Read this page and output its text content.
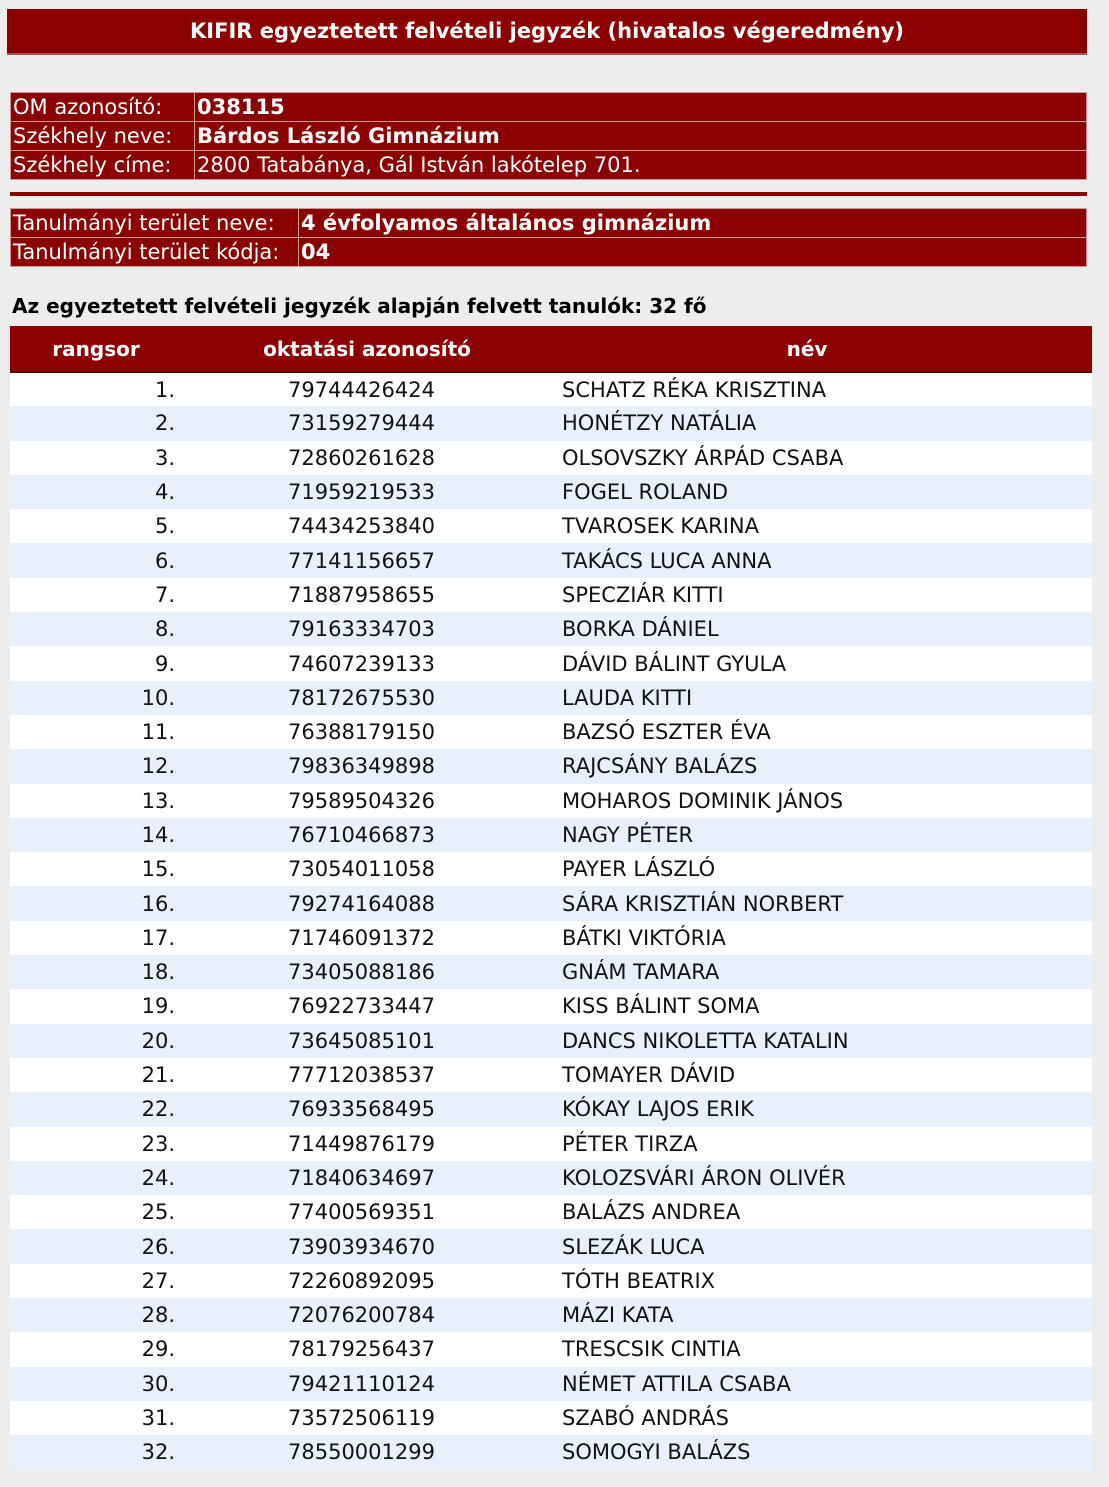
KIFIR egyeztetett felvételi jegyzék (hivatalos végeredmény)
OM azonosító:	038115
Székhely neve:	Bárdos László Gimnázium
Székhely címe:	2800 Tatabánya, Gál István lakótelep 701.
Tanulmányi terület neve:	4 évfolyamos általános gimnázium
Tanulmányi terület kódja:	04
Az egyeztetett felvételi jegyzék alapján felvett tanulók: 32 fő
rangsor	oktatási azonosító	név
1.	79744426424	SCHATZ RÉKA KRISZTINA
2.	73159279444	HONÉTZY NATÁLIA
3.	72860261628	OLSOVSZKY ÁRPÁD CSABA
4.	71959219533	FOGEL ROLAND
5.	74434253840	TVAROSEK KARINA
6.	77141156657	TAKÁCS LUCA ANNA
7.	71887958655	SPECZIÁR KITTI
8.	79163334703	BORKA DÁNIEL
9.	74607239133	DÁVID BÁLINT GYULA
10.	78172675530	LAUDA KITTI
11.	76388179150	BAZSÓ ESZTER ÉVA
12.	79836349898	RAJCSÁNY BALÁZS
13.	79589504326	MOHAROS DOMINIK JÁNOS
14.	76710466873	NAGY PÉTER
15.	73054011058	PAYER LÁSZLÓ
16.	79274164088	SÁRA KRISZTIÁN NORBERT
17.	71746091372	BÁTKI VIKTÓRIA
18.	73405088186	GNÁM TAMARA
19.	76922733447	KISS BÁLINT SOMA
20.	73645085101	DANCS NIKOLETTA KATALIN
21.	77712038537	TOMAYER DÁVID
22.	76933568495	KÓKAY LAJOS ERIK
23.	71449876179	PÉTER TIRZA
24.	71840634697	KOLOZSVÁRI ÁRON OLIVÉR
25.	77400569351	BALÁZS ANDREA
26.	73903934670	SLEZÁK LUCA
27.	72260892095	TÓTH BEATRIX
28.	72076200784	MÁZI KATA
29.	78179256437	TRESCSIK CINTIA
30.	79421110124	NÉMET ATTILA CSABA
31.	73572506119	SZABÓ ANDRÁS
32.	78550001299	SOMOGYI BALÁZS
